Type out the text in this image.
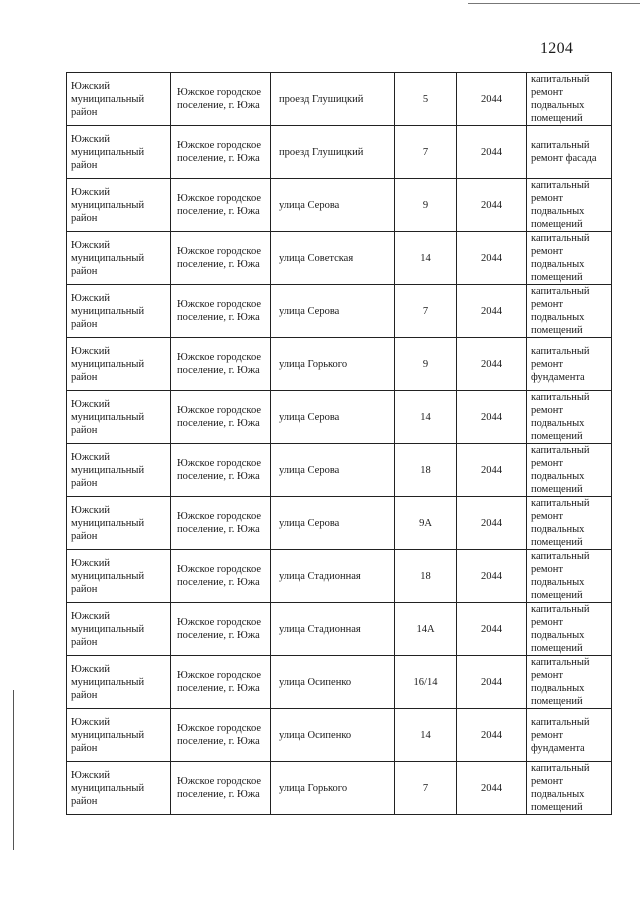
1204
Южский муниципальный район	Южское городское поселение, г. Южа	проезд Глушицкий	5	2044	капитальный ремонт подвальных помещений
Южский муниципальный район	Южское городское поселение, г. Южа	проезд Глушицкий	7	2044	капитальный ремонт фасада
Южский муниципальный район	Южское городское поселение, г. Южа	улица Серова	9	2044	капитальный ремонт подвальных помещений
Южский муниципальный район	Южское городское поселение, г. Южа	улица Советская	14	2044	капитальный ремонт подвальных помещений
Южский муниципальный район	Южское городское поселение, г. Южа	улица Серова	7	2044	капитальный ремонт подвальных помещений
Южский муниципальный район	Южское городское поселение, г. Южа	улица Горького	9	2044	капитальный ремонт фундамента
Южский муниципальный район	Южское городское поселение, г. Южа	улица Серова	14	2044	капитальный ремонт подвальных помещений
Южский муниципальный район	Южское городское поселение, г. Южа	улица Серова	18	2044	капитальный ремонт подвальных помещений
Южский муниципальный район	Южское городское поселение, г. Южа	улица Серова	9А	2044	капитальный ремонт подвальных помещений
Южский муниципальный район	Южское городское поселение, г. Южа	улица Стадионная	18	2044	капитальный ремонт подвальных помещений
Южский муниципальный район	Южское городское поселение, г. Южа	улица Стадионная	14А	2044	капитальный ремонт подвальных помещений
Южский муниципальный район	Южское городское поселение, г. Южа	улица Осипенко	16/14	2044	капитальный ремонт подвальных помещений
Южский муниципальный район	Южское городское поселение, г. Южа	улица Осипенко	14	2044	капитальный ремонт фундамента
Южский муниципальный район	Южское городское поселение, г. Южа	улица Горького	7	2044	капитальный ремонт подвальных помещений
